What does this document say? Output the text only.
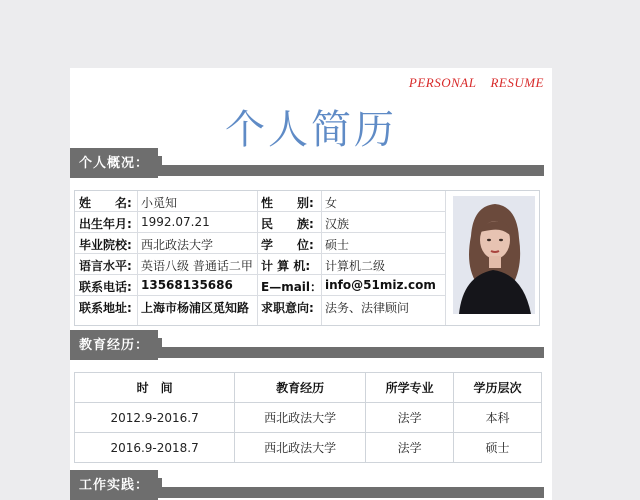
PERSONAL RESUME
个人简历
个人概况：
姓　　名: 小觅知	性　　别: 女
出生年月: 1992.07.21	民　　族: 汉族
毕业院校: 西北政法大学	学　　位: 硕士
语言水平: 英语八级 普通话二甲 计 算 机: 计算机二级
联系电话: 13568135686 E—mail： info@51miz.com
联系地址: 上海市杨浦区觅知路 求职意向: 法务、法律顾问
教育经历：
时　间	教育经历	所学专业	学历层次
2012.9-2016.7	西北政法大学	法学	本科
2016.9-2018.7	西北政法大学	法学	硕士
工作实践：
